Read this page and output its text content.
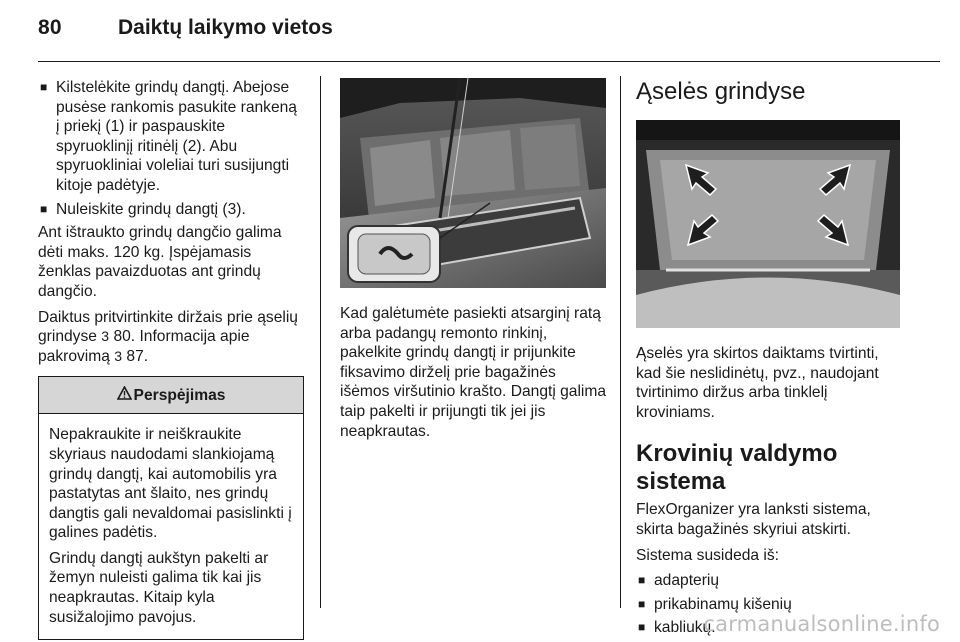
80	Daiktų laikymo vietos
■ Kilstelėkite grindų dangtį. Abejose pusėse rankomis pasukite rankeną į priekį (1) ir paspauskite spyruoklinįį ritinėlį (2). Abu spyruokliniai voleliai turi susijungti kitoje padėtyje.
■ Nuleiskite grindų dangtį (3).

Ant ištraukto grindų dangčio galima dėti maks. 120 kg. Įspėjamasis ženklas pavaizduotas ant grindų dangčio.

Daiktus pritvirtinkite diržais prie ąselių grindyse 3 80. Informacija apie pakrovimą 3 87.

Perspėjimas

Nepakraukite ir neiškraukite skyriaus naudodami slankiojamą grindų dangtį, kai automobilis yra pastatytas ant šlaito, nes grindų dangtis gali nevaldomai pasislinkti į galines padėtis.

Grindų dangtį aukštyn pakelti ar žemyn nuleisti galima tik kai jis neapkrautas. Kitaip kyla susižalojimo pavojus.

Kad galėtumėte pasiekti atsarginį ratą arba padangų remonto rinkinį, pakelkite grindų dangtį ir prijunkite fiksavimo dirželį prie bagažinės išėmos viršutinio krašto. Dangtį galima taip pakelti ir prijungti tik jei jis neapkrautas.

Ąselės grindyse

Ąselės yra skirtos daiktams tvirtinti, kad šie neslidinėtų, pvz., naudojant tvirtinimo diržus arba tinklelį kroviniams.

Krovinių valdymo sistema

FlexOrganizer yra lanksti sistema, skirta bagažinės skyriui atskirti.

Sistema susideda iš:

■ adapterių
■ prikabinamų kišenių
■ kabliukų.
carmanualsonline.info
